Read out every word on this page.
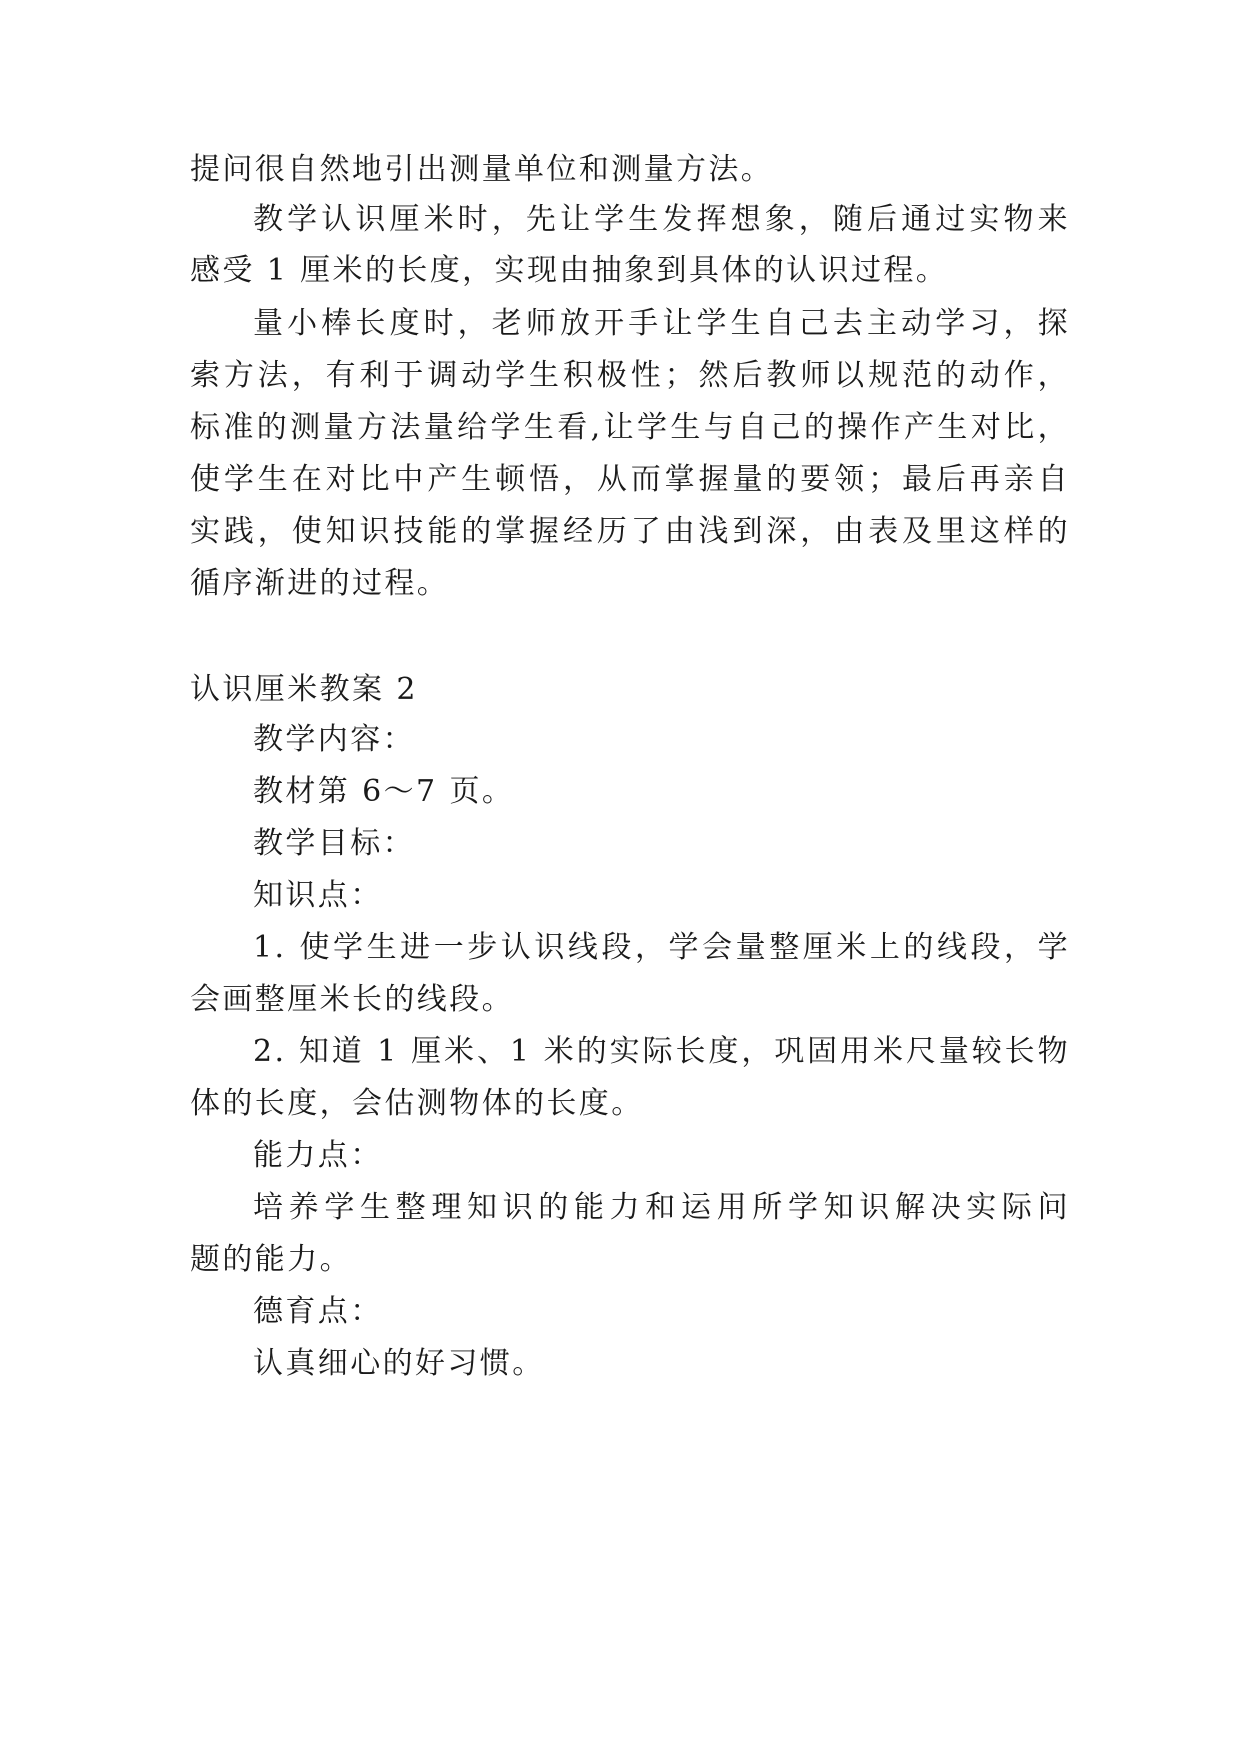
提问很自然地引出测量单位和测量方法。
教学认识厘米时，先让学生发挥想象，随后通过实物来
感受 1 厘米的长度，实现由抽象到具体的认识过程。
量小棒长度时，老师放开手让学生自己去主动学习，探
索方法，有利于调动学生积极性；然后教师以规范的动作，
标准的测量方法量给学生看,让学生与自己的操作产生对比，
使学生在对比中产生顿悟，从而掌握量的要领；最后再亲自
实践，使知识技能的掌握经历了由浅到深，由表及里这样的
循序渐进的过程。
认识厘米教案 2
教学内容：
教材第 6～7 页。
教学目标：
知识点：
1. 使学生进一步认识线段，学会量整厘米上的线段，学
会画整厘米长的线段。
2. 知道 1 厘米、1 米的实际长度，巩固用米尺量较长物
体的长度，会估测物体的长度。
能力点：
培养学生整理知识的能力和运用所学知识解决实际问
题的能力。
德育点：
认真细心的好习惯。
